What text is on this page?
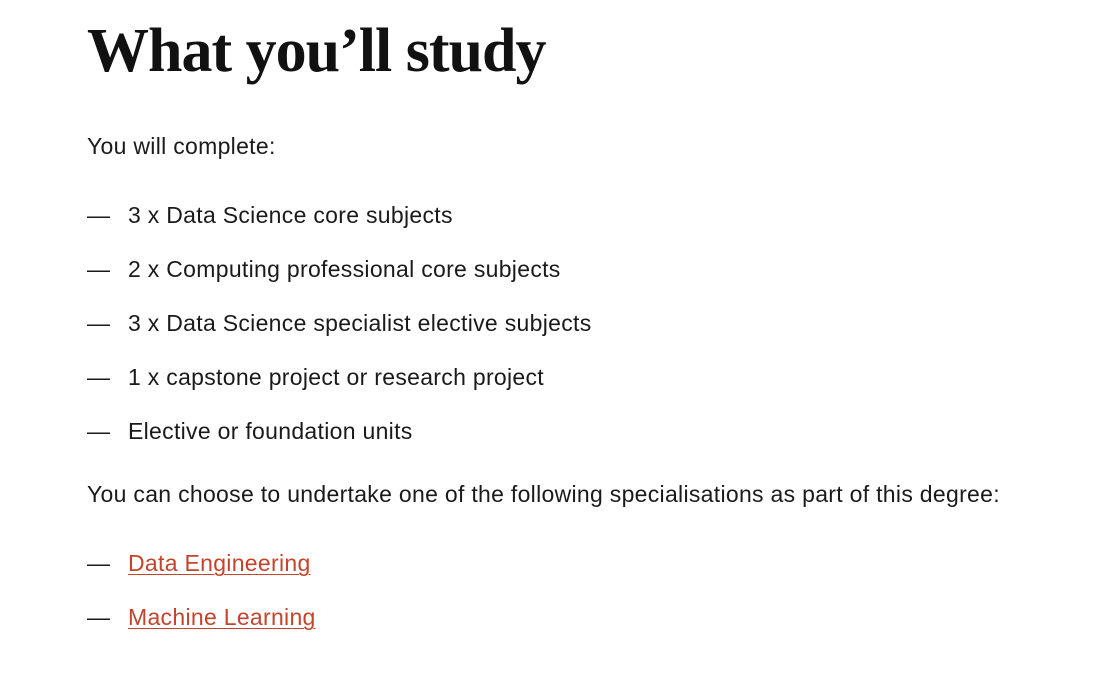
What you’ll study

You will complete:

— 3 x Data Science core subjects
— 2 x Computing professional core subjects
— 3 x Data Science specialist elective subjects
— 1 x capstone project or research project
— Elective or foundation units

You can choose to undertake one of the following specialisations as part of this degree:

— Data Engineering
— Machine Learning
